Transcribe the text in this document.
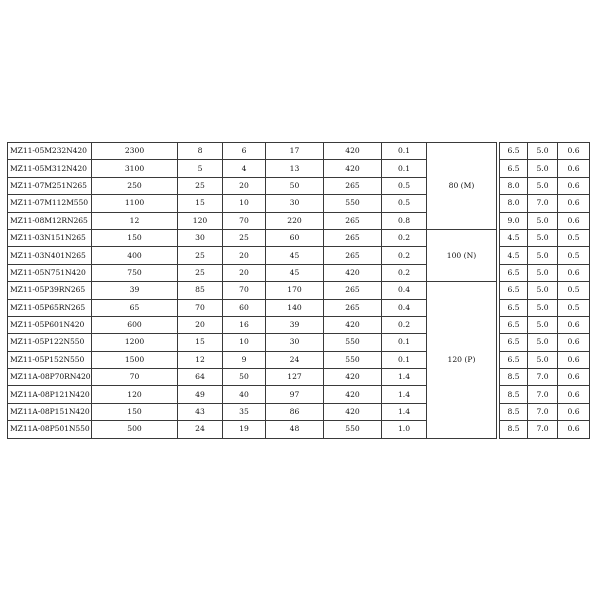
MZ11-05M232N420	2300	8	6	17	420	0.1	80 (M)		6.5	5.0	0.6
MZ11-05M312N420	3100	5	4	13	420	0.1			6.5	5.0	0.6
MZ11-07M251N265	250	25	20	50	265	0.5			8.0	5.0	0.6
MZ11-07M112M550	1100	15	10	30	550	0.5			8.0	7.0	0.6
MZ11-08M12RN265	12	120	70	220	265	0.8			9.0	5.0	0.6
MZ11-03N151N265	150	30	25	60	265	0.2	100 (N)		4.5	5.0	0.5
MZ11-03N401N265	400	25	20	45	265	0.2			4.5	5.0	0.5
MZ11-05N751N420	750	25	20	45	420	0.2			6.5	5.0	0.6
MZ11-05P39RN265	39	85	70	170	265	0.4	120 (P)		6.5	5.0	0.5
MZ11-05P65RN265	65	70	60	140	265	0.4			6.5	5.0	0.5
MZ11-05P601N420	600	20	16	39	420	0.2			6.5	5.0	0.6
MZ11-05P122N550	1200	15	10	30	550	0.1			6.5	5.0	0.6
MZ11-05P152N550	1500	12	9	24	550	0.1			6.5	5.0	0.6
MZ11A-08P70RN420	70	64	50	127	420	1.4			8.5	7.0	0.6
MZ11A-08P121N420	120	49	40	97	420	1.4			8.5	7.0	0.6
MZ11A-08P151N420	150	43	35	86	420	1.4			8.5	7.0	0.6
MZ11A-08P501N550	500	24	19	48	550	1.0			8.5	7.0	0.6
